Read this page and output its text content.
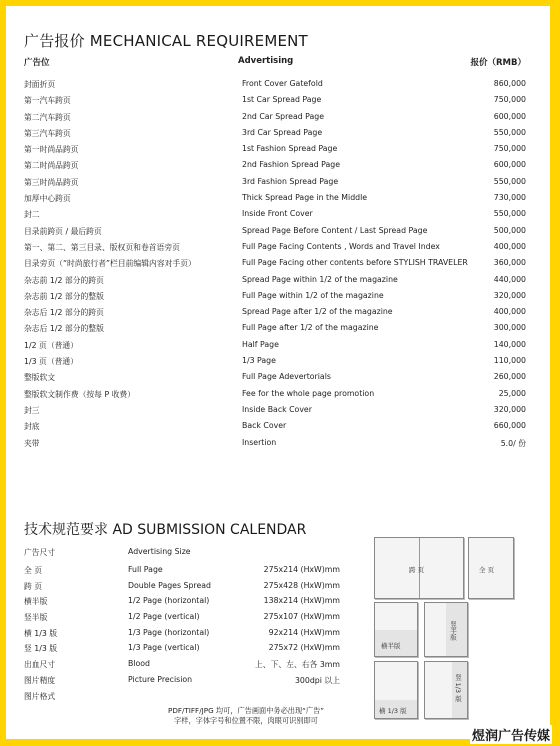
广告报价 MECHANICAL REQUIREMENT
广告位	Advertising	报价（RMB）
封面折页	Front Cover Gatefold	860,000
第一汽车跨页	1st Car Spread Page	750,000
第二汽车跨页	2nd Car Spread Page	600,000
第三汽车跨页	3rd Car Spread Page	550,000
第一时尚品跨页	1st Fashion Spread Page	750,000
第二时尚品跨页	2nd Fashion Spread Page	600,000
第三时尚品跨页	3rd Fashion Spread Page	550,000
加厚中心跨页	Thick Spread Page in the Middle	730,000
封二	Inside Front Cover	550,000
目录前跨页 / 最后跨页	Spread Page Before Content / Last Spread Page	500,000
第一、第二、第三目录、版权页和卷首语旁页	Full Page Facing Contents , Words and Travel Index	400,000
目录旁页（“时尚旅行者”栏目前编辑内容对手页）	Full Page Facing other contents before STYLISH TRAVELER	360,000
杂志前 1/2 部分的跨页	Spread Page within 1/2 of the magazine	440,000
杂志前 1/2 部分的整版	Full Page within 1/2 of the magazine	320,000
杂志后 1/2 部分的跨页	Spread Page after 1/2 of the magazine	400,000
杂志后 1/2 部分的整版	Full Page after 1/2 of the magazine	300,000
1/2 页（普通）	Half Page	140,000
1/3 页（普通）	1/3 Page	110,000
整版软文	Full Page Adevertorials	260,000
整版软文制作费（按每 P 收费）	Fee for the whole page promotion	25,000
封三	Inside Back Cover	320,000
封底	Back Cover	660,000
夹带	Insertion	5.0/ 份
技术规范要求 AD SUBMISSION CALENDAR
广告尺寸	Advertising Size
全 页	Full Page	275x214 (HxW)mm
跨 页	Double Pages Spread	275x428 (HxW)mm
横半版	1/2 Page (horizontal)	138x214 (HxW)mm
竖半版	1/2 Page (vertical)	275x107 (HxW)mm
横 1/3 版	1/3 Page (horizontal)	92x214 (HxW)mm
竖 1/3 版	1/3 Page (vertical)	275x72 (HxW)mm
出血尺寸	Blood	上、下、左、右各 3mm
图片精度	Picture Precision	300dpi 以上
图片格式
PDF/TIFF/JPG 均可，广告画面中务必出现“广告”
字样，字体字号和位置不限，肉眼可识别即可
跨 页	全 页
横半版
竖半版
横 1/3 版
竖 1/3 版
煜润广告传媒
